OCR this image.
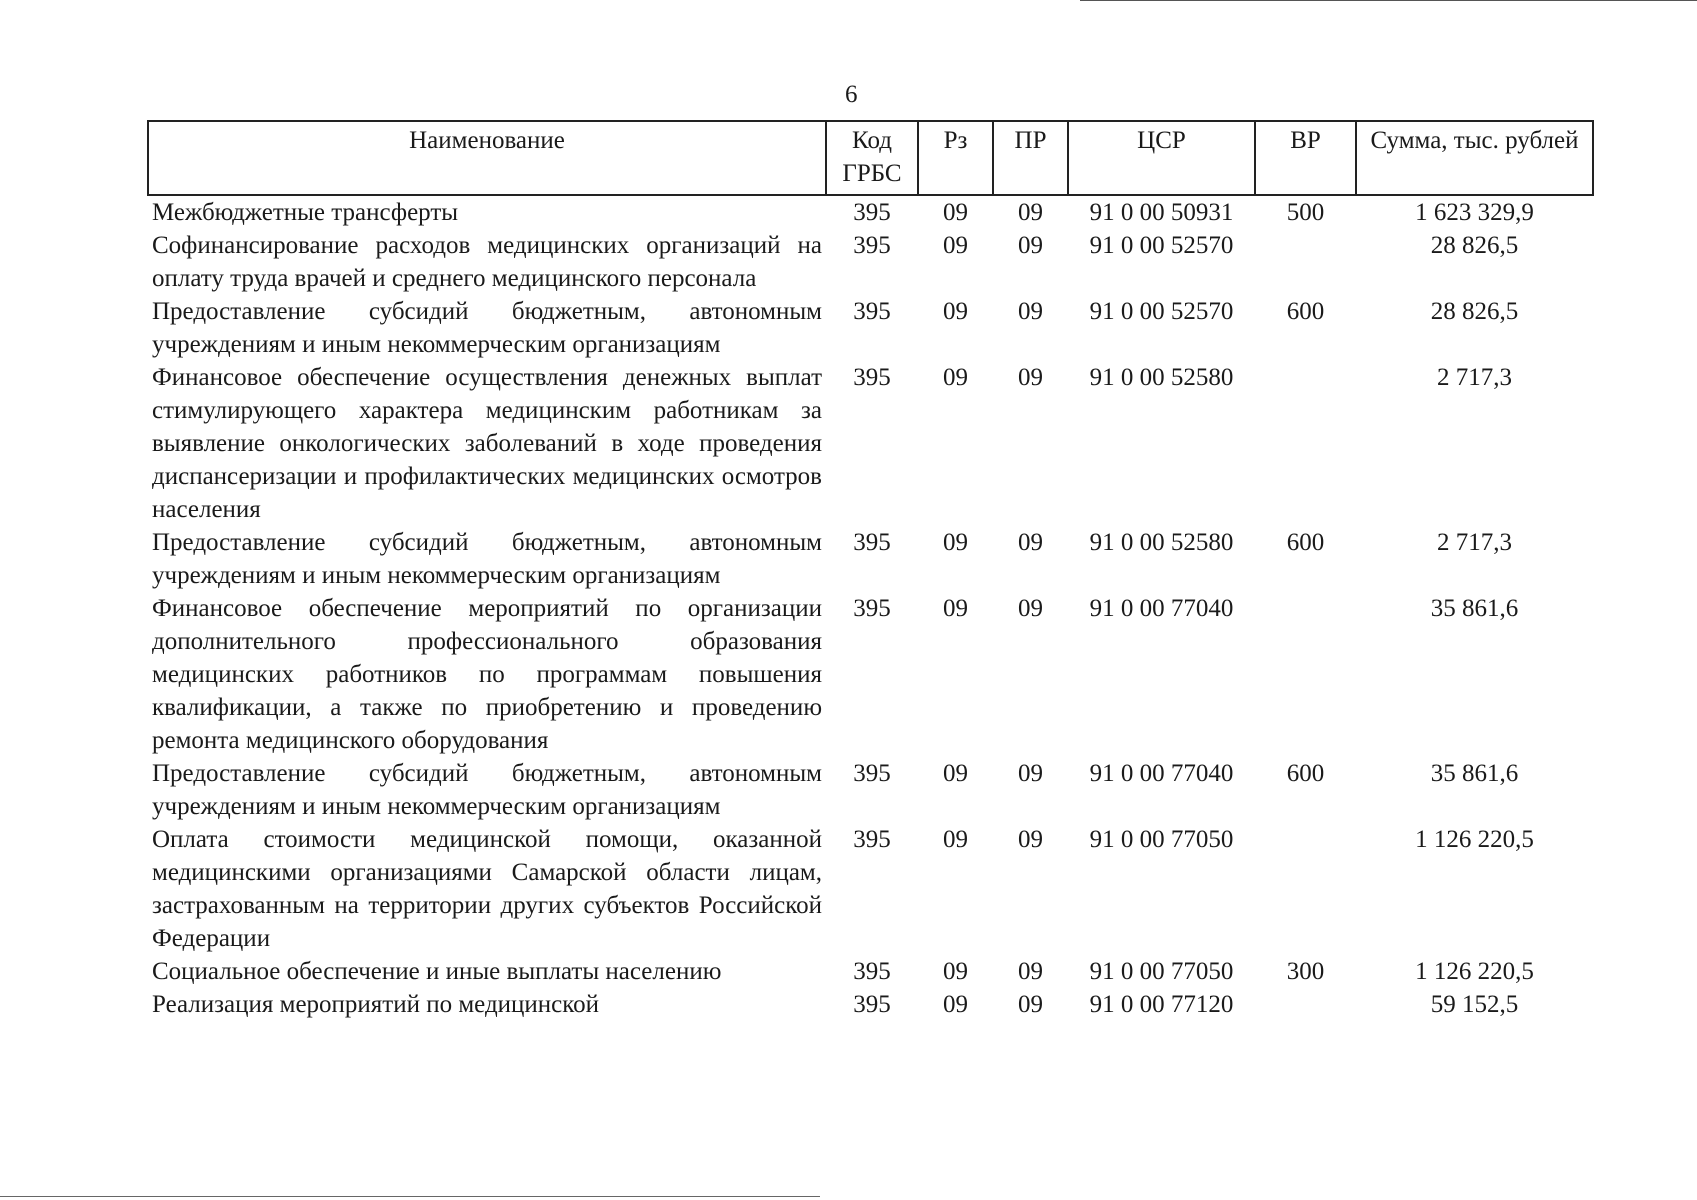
6
Наименование	Код ГРБС	Рз	ПР	ЦСР	ВР	Сумма, тыс. рублей
Межбюджетные трансферты	395	09	09	91 0 00 50931	500	1 623 329,9
Софинансирование расходов медицинских организаций на оплату труда врачей и среднего медицинского персонала	395	09	09	91 0 00 52570		28 826,5
Предоставление субсидий бюджетным, автономным учреждениям и иным некоммерческим организациям	395	09	09	91 0 00 52570	600	28 826,5
Финансовое обеспечение осуществления денежных выплат стимулирующего характера медицинским работникам за выявление онкологических заболеваний в ходе проведения диспансеризации и профилактических медицинских осмотров населения	395	09	09	91 0 00 52580		2 717,3
Предоставление субсидий бюджетным, автономным учреждениям и иным некоммерческим организациям	395	09	09	91 0 00 52580	600	2 717,3
Финансовое обеспечение мероприятий по организации дополнительного профессионального образования медицинских работников по программам повышения квалификации, а также по приобретению и проведению ремонта медицинского оборудования	395	09	09	91 0 00 77040		35 861,6
Предоставление субсидий бюджетным, автономным учреждениям и иным некоммерческим организациям	395	09	09	91 0 00 77040	600	35 861,6
Оплата стоимости медицинской помощи, оказанной медицинскими организациями Самарской области лицам, застрахованным на территории других субъектов Российской Федерации	395	09	09	91 0 00 77050		1 126 220,5
Социальное обеспечение и иные выплаты населению	395	09	09	91 0 00 77050	300	1 126 220,5
Реализация мероприятий по медицинской	395	09	09	91 0 00 77120		59 152,5
